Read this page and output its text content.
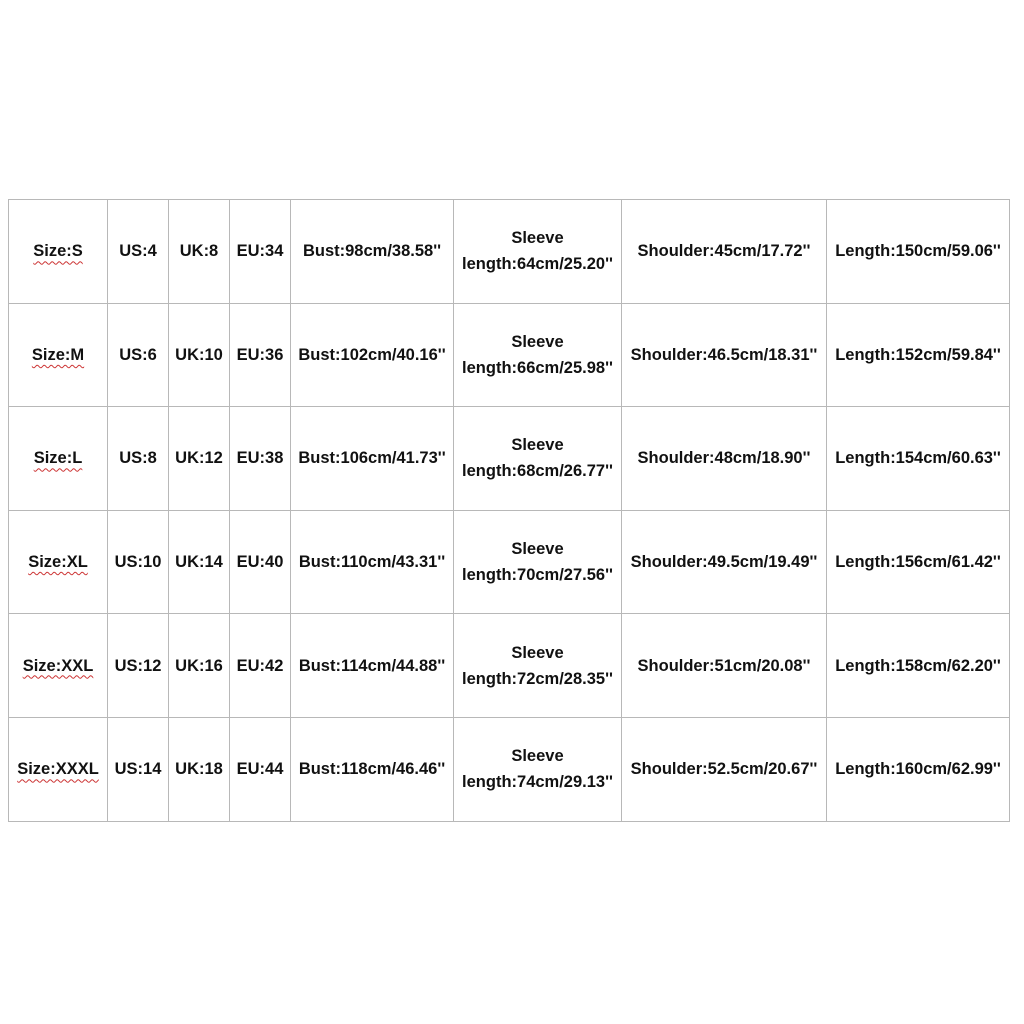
Size:S	US:4	UK:8	EU:34	Bust:98cm/38.58''	Sleeve
length:64cm/25.20''	Shoulder:45cm/17.72''	Length:150cm/59.06''
Size:M	US:6	UK:10	EU:36	Bust:102cm/40.16''	Sleeve
length:66cm/25.98''	Shoulder:46.5cm/18.31''	Length:152cm/59.84''
Size:L	US:8	UK:12	EU:38	Bust:106cm/41.73''	Sleeve
length:68cm/26.77''	Shoulder:48cm/18.90''	Length:154cm/60.63''
Size:XL	US:10	UK:14	EU:40	Bust:110cm/43.31''	Sleeve
length:70cm/27.56''	Shoulder:49.5cm/19.49''	Length:156cm/61.42''
Size:XXL	US:12	UK:16	EU:42	Bust:114cm/44.88''	Sleeve
length:72cm/28.35''	Shoulder:51cm/20.08''	Length:158cm/62.20''
Size:XXXL	US:14	UK:18	EU:44	Bust:118cm/46.46''	Sleeve
length:74cm/29.13''	Shoulder:52.5cm/20.67''	Length:160cm/62.99''
